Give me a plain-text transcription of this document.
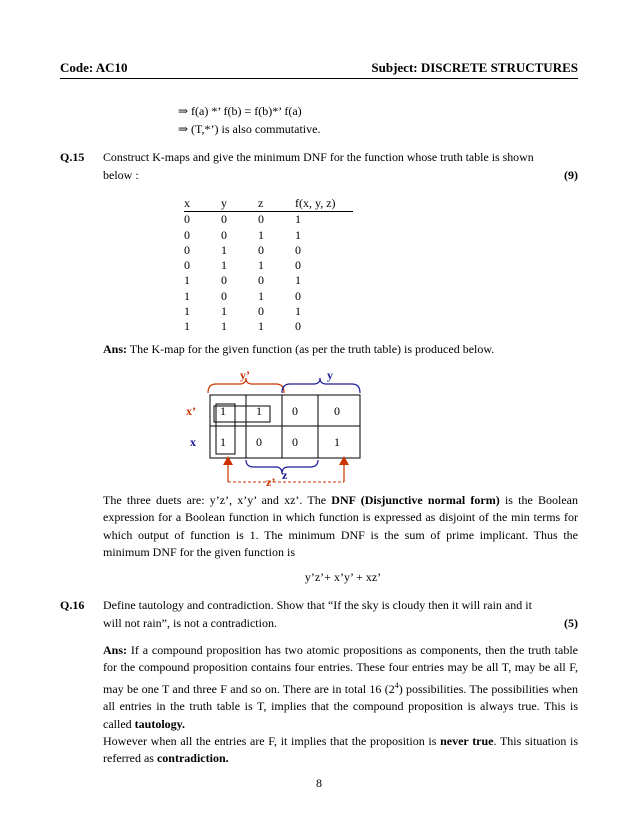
Code: AC10	Subject: DISCRETE STRUCTURES
⇒ f(a) *’ f(b) = f(b)*’ f(a)
⇒ (T,*’) is also commutative.
Q.15 Construct K-maps and give the minimum DNF for the function whose truth table is shown
below :	(9)
x	y	z	f(x, y, z)
0	0	0	1
0	0	1	1
0	1	0	0
0	1	1	0
1	0	0	1
1	0	1	0
1	1	0	1
1	1	1	0
Ans: The K-map for the given function (as per the truth table) is produced below.
y’	y
x’
x
z’ z
1	1	0	0
1	0	0	1
The three duets are: y’z’, x’y’ and xz’. The DNF (Disjunctive normal form) is the Boolean expression for a Boolean function in which function is expressed as disjoint of the min terms for which output of function is 1. The minimum DNF is the sum of prime implicant. Thus the minimum DNF for the given function is
y’z’+ x’y’ + xz’
Q.16 Define tautology and contradiction. Show that “If the sky is cloudy then it will rain and it
will not rain”, is not a contradiction.	(5)
Ans: If a compound proposition has two atomic propositions as components, then the truth table for the compound proposition contains four entries. These four entries may be all T, may be all F, may be one T and three F and so on. There are in total 16 $(2^4)$ possibilities. The possibilities when all entries in the truth table is T, implies that the compound proposition is always true. This is called tautology.
However when all the entries are F, it implies that the proposition is never true. This situation is referred as contradiction.
8
